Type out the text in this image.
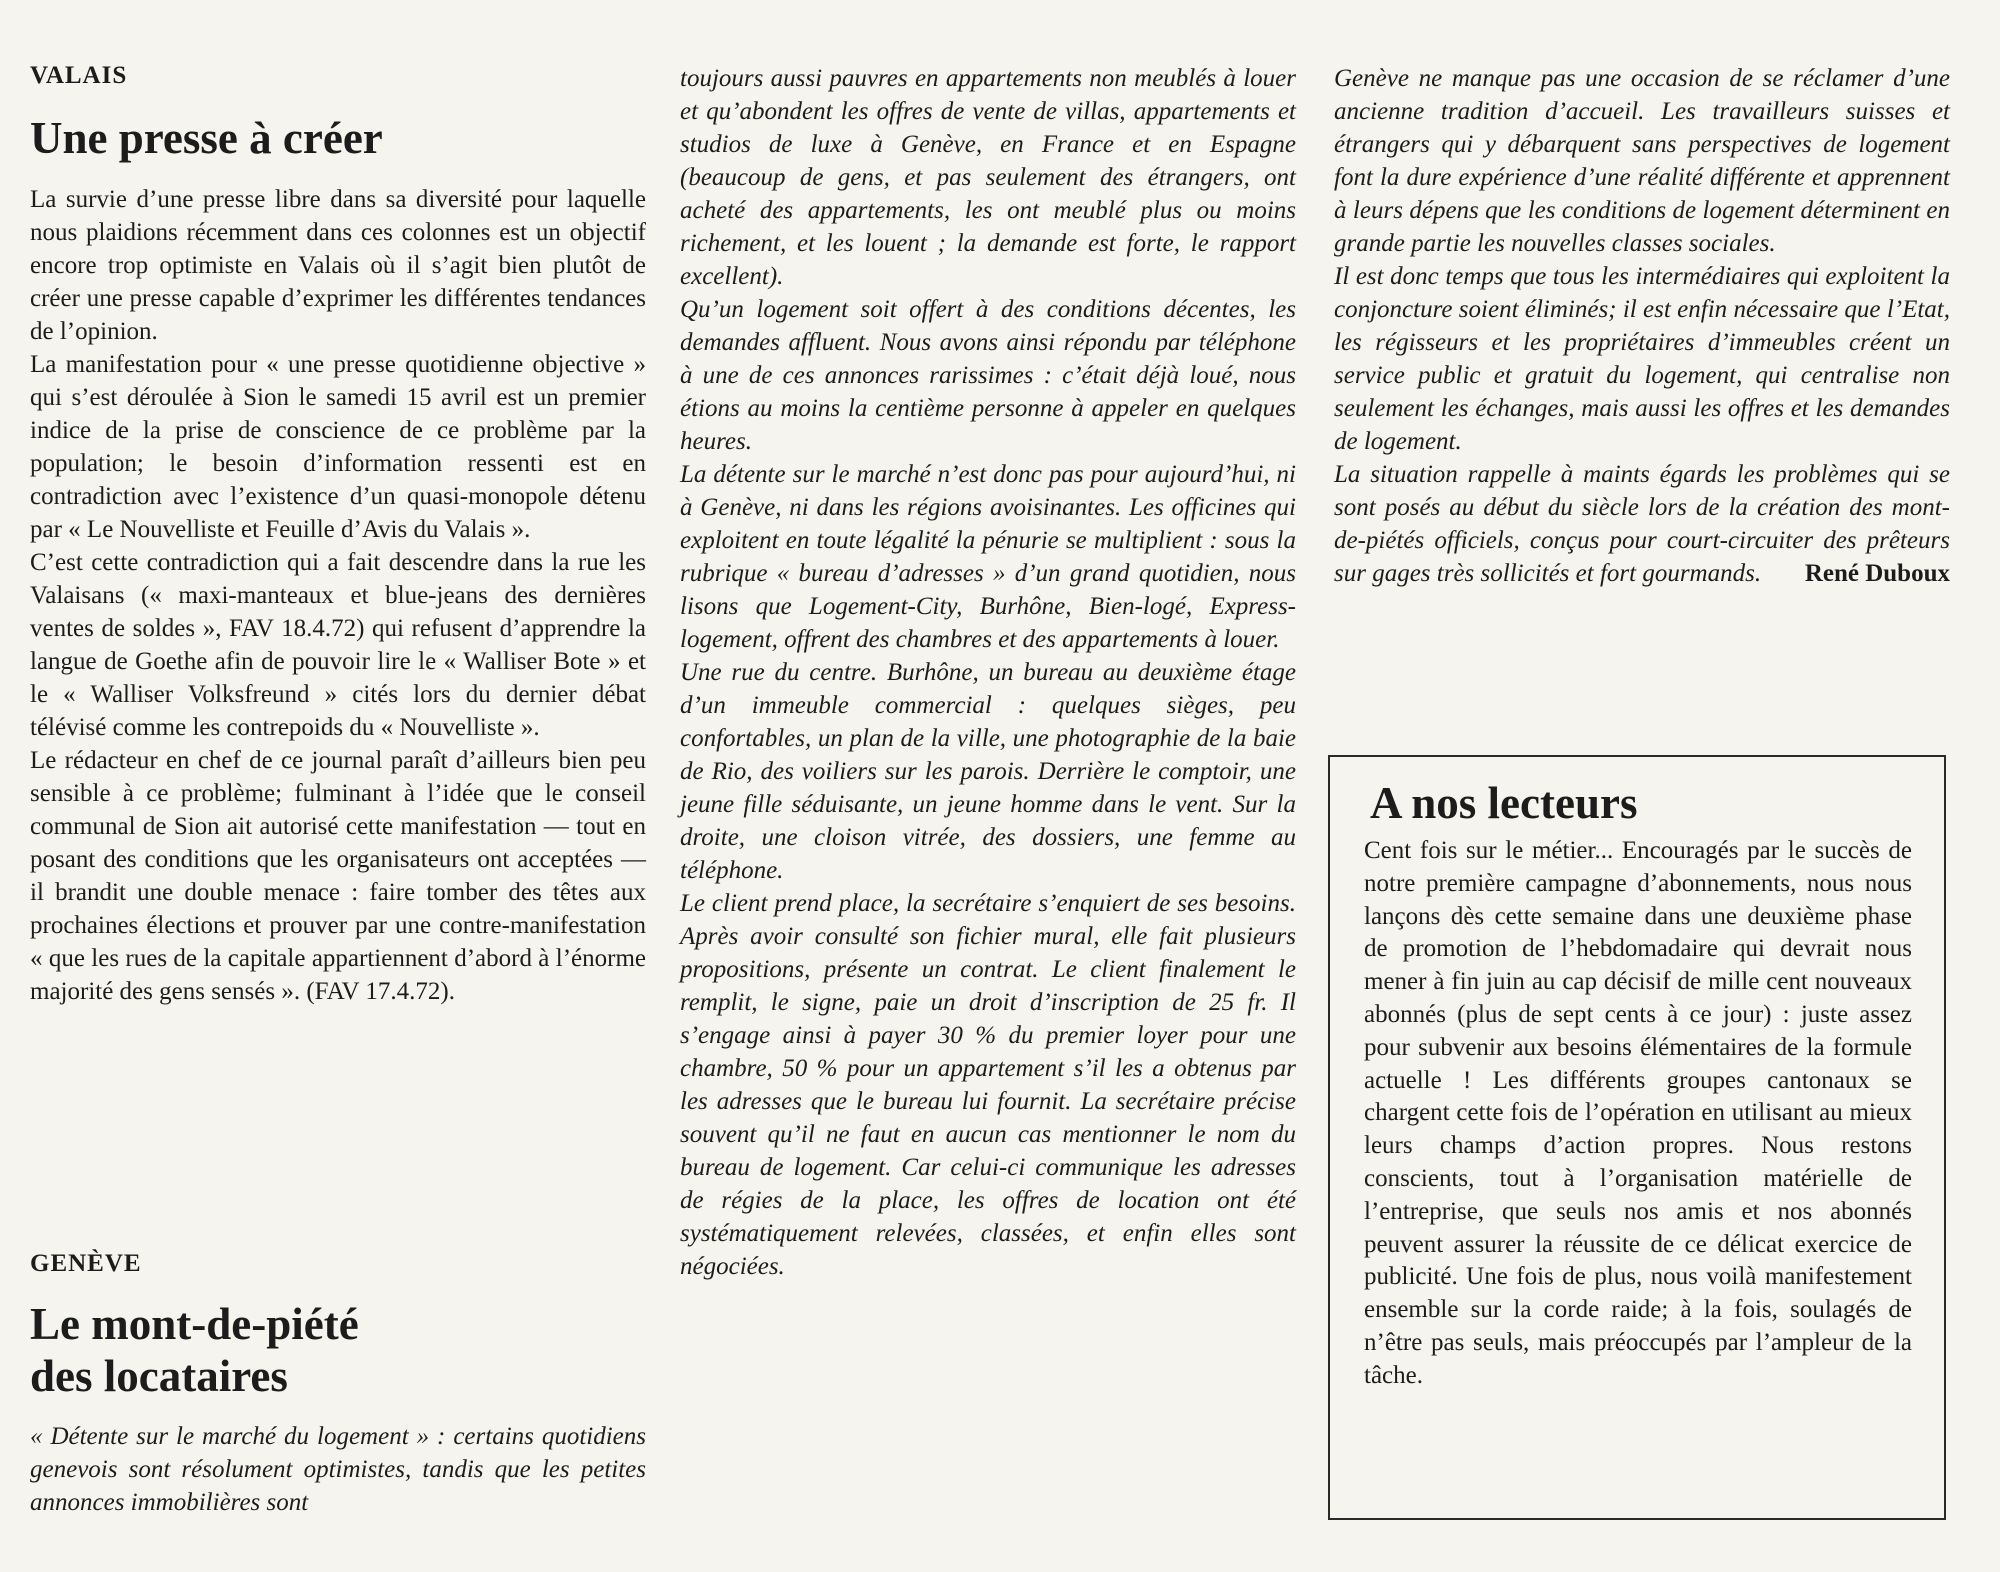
VALAIS
Une presse à créer

La survie d’une presse libre dans sa diversité pour laquelle nous plaidions récemment dans ces colonnes est un objectif encore trop optimiste en Valais où il s’agit bien plutôt de créer une presse capable d’exprimer les différentes tendances de l’opinion.

La manifestation pour « une presse quotidienne objective » qui s’est déroulée à Sion le samedi 15 avril est un premier indice de la prise de conscience de ce problème par la population; le besoin d’information ressenti est en contradiction avec l’existence d’un quasi-monopole détenu par « Le Nouvelliste et Feuille d’Avis du Valais ».

C’est cette contradiction qui a fait descendre dans la rue les Valaisans (« maxi-manteaux et blue-jeans des dernières ventes de soldes », FAV 18.4.72) qui refusent d’apprendre la langue de Goethe afin de pouvoir lire le « Walliser Bote » et le « Walliser Volksfreund » cités lors du dernier débat télévisé comme les contrepoids du « Nouvelliste ».

Le rédacteur en chef de ce journal paraît d’ailleurs bien peu sensible à ce problème; fulminant à l’idée que le conseil communal de Sion ait autorisé cette manifestation — tout en posant des conditions que les organisateurs ont acceptées — il brandit une double menace : faire tomber des têtes aux prochaines élections et prouver par une contre-manifestation « que les rues de la capitale appartiennent d’abord à l’énorme majorité des gens sensés ». (FAV 17.4.72).

GENÈVE
Le mont-de-piété
des locataires

« Détente sur le marché du logement » : certains quotidiens genevois sont résolument optimistes, tandis que les petites annonces immobilières sont

toujours aussi pauvres en appartements non meublés à louer et qu’abondent les offres de vente de villas, appartements et studios de luxe à Genève, en France et en Espagne (beaucoup de gens, et pas seulement des étrangers, ont acheté des appartements, les ont meublé plus ou moins richement, et les louent ; la demande est forte, le rapport excellent).

Qu’un logement soit offert à des conditions décentes, les demandes affluent. Nous avons ainsi répondu par téléphone à une de ces annonces rarissimes : c’était déjà loué, nous étions au moins la centième personne à appeler en quelques heures.

La détente sur le marché n’est donc pas pour aujourd’hui, ni à Genève, ni dans les régions avoisinantes. Les officines qui exploitent en toute légalité la pénurie se multiplient : sous la rubrique « bureau d’adresses » d’un grand quotidien, nous lisons que Logement-City, Burhône, Bien-logé, Express-logement, offrent des chambres et des appartements à louer.

Une rue du centre. Burhône, un bureau au deuxième étage d’un immeuble commercial : quelques sièges, peu confortables, un plan de la ville, une photographie de la baie de Rio, des voiliers sur les parois. Derrière le comptoir, une jeune fille séduisante, un jeune homme dans le vent. Sur la droite, une cloison vitrée, des dossiers, une femme au téléphone.

Le client prend place, la secrétaire s’enquiert de ses besoins. Après avoir consulté son fichier mural, elle fait plusieurs propositions, présente un contrat. Le client finalement le remplit, le signe, paie un droit d’inscription de 25 fr. Il s’engage ainsi à payer 30 % du premier loyer pour une chambre, 50 % pour un appartement s’il les a obtenus par les adresses que le bureau lui fournit. La secrétaire précise souvent qu’il ne faut en aucun cas mentionner le nom du bureau de logement. Car celui-ci communique les adresses de régies de la place, les offres de location ont été systématiquement relevées, classées, et enfin elles sont négociées.

Genève ne manque pas une occasion de se réclamer d’une ancienne tradition d’accueil. Les travailleurs suisses et étrangers qui y débarquent sans perspectives de logement font la dure expérience d’une réalité différente et apprennent à leurs dépens que les conditions de logement déterminent en grande partie les nouvelles classes sociales.

Il est donc temps que tous les intermédiaires qui exploitent la conjoncture soient éliminés; il est enfin nécessaire que l’Etat, les régisseurs et les propriétaires d’immeubles créent un service public et gratuit du logement, qui centralise non seulement les échanges, mais aussi les offres et les demandes de logement.

La situation rappelle à maints égards les problèmes qui se sont posés au début du siècle lors de la création des mont-de-piétés officiels, conçus pour court-circuiter des prêteurs sur gages très sollicités et fort gourmands. René Duboux

A nos lecteurs

Cent fois sur le métier... Encouragés par le succès de notre première campagne d’abonnements, nous nous lançons dès cette semaine dans une deuxième phase de promotion de l’hebdomadaire qui devrait nous mener à fin juin au cap décisif de mille cent nouveaux abonnés (plus de sept cents à ce jour) : juste assez pour subvenir aux besoins élémentaires de la formule actuelle ! Les différents groupes cantonaux se chargent cette fois de l’opération en utilisant au mieux leurs champs d’action propres. Nous restons conscients, tout à l’organisation matérielle de l’entreprise, que seuls nos amis et nos abonnés peuvent assurer la réussite de ce délicat exercice de publicité. Une fois de plus, nous voilà manifestement ensemble sur la corde raide; à la fois, soulagés de n’être pas seuls, mais préoccupés par l’ampleur de la tâche.
